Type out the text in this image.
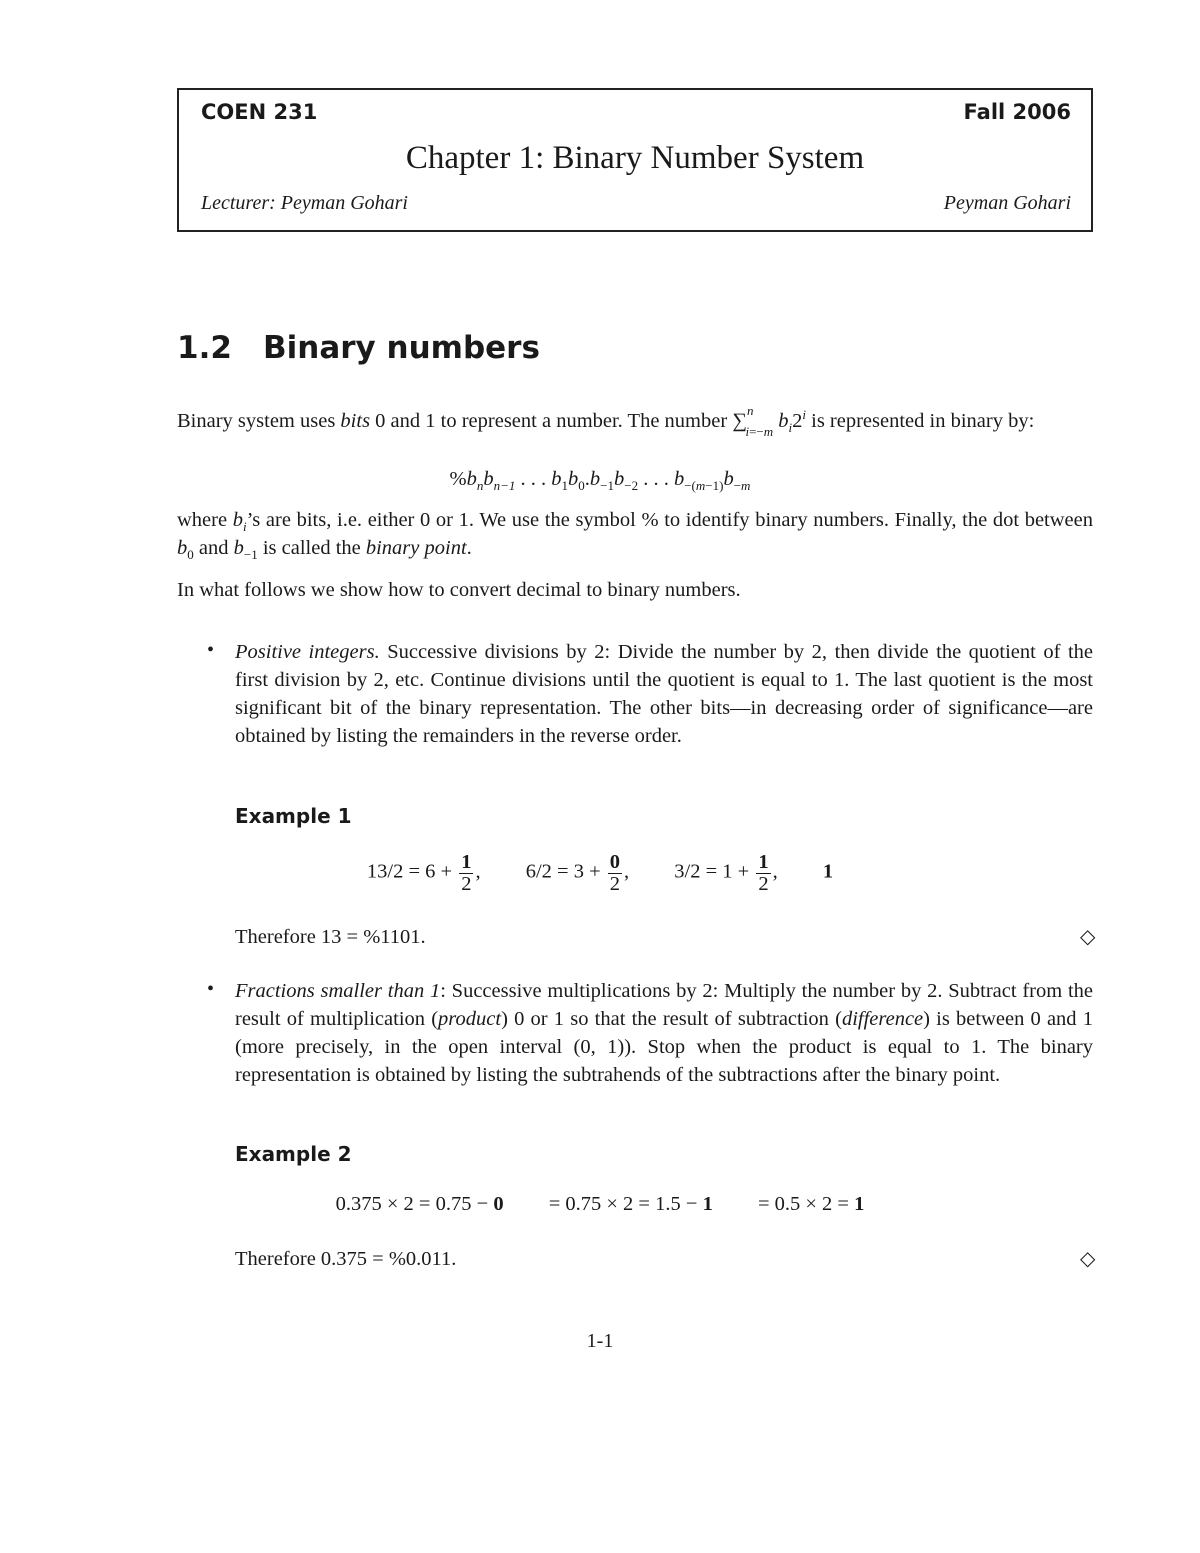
COEN 231	Fall 2006
Chapter 1: Binary Number System
Lecturer: Peyman Gohari	Peyman Gohari
1.2 Binary numbers

Binary system uses bits 0 and 1 to represent a number. The number ∑$^n_{i=-m}$ $b_i2^i$ is represented in binary by:

$\%b_nb_{n-1}$ . . . $b_1b_0.b_{-1}b_{-2}$ . . . $b_{-(m-1)}b_{-m}$

where $b_i’s$ are bits, i.e. either 0 or 1. We use the symbol % to identify binary numbers. Finally, the dot between $b_0$ and $b_{-1}$ is called the binary point.

In what follows we show how to convert decimal to binary numbers.

• Positive integers. Successive divisions by 2: Divide the number by 2, then divide the quotient of the first division by 2, etc. Continue divisions until the quotient is equal to 1. The last quotient is the most significant bit of the binary representation. The other bits—in decreasing order of significance—are obtained by listing the remainders in the reverse order.

Example 1
$13/2 = 6 + \frac{1}{2}$ , $6/2 = 3 + \frac{0}{2}$ , $3/2 = 1 + \frac{1}{2}$ , 1
Therefore 13 = %1101.	◇
• Fractions smaller than 1: Successive multiplications by 2: Multiply the number by 2. Subtract from the result of multiplication (product) 0 or 1 so that the result of subtraction (difference) is between 0 and 1 (more precisely, in the open interval (0, 1)). Stop when the product is equal to 1. The binary representation is obtained by listing the subtrahends of the subtractions after the binary point.

Example 2
0.375 × 2 = 0.75 − 0 = 0.75 × 2 = 1.5 − 1 = 0.5 × 2 = 1
Therefore 0.375 = %0.011.	◇
1-1
